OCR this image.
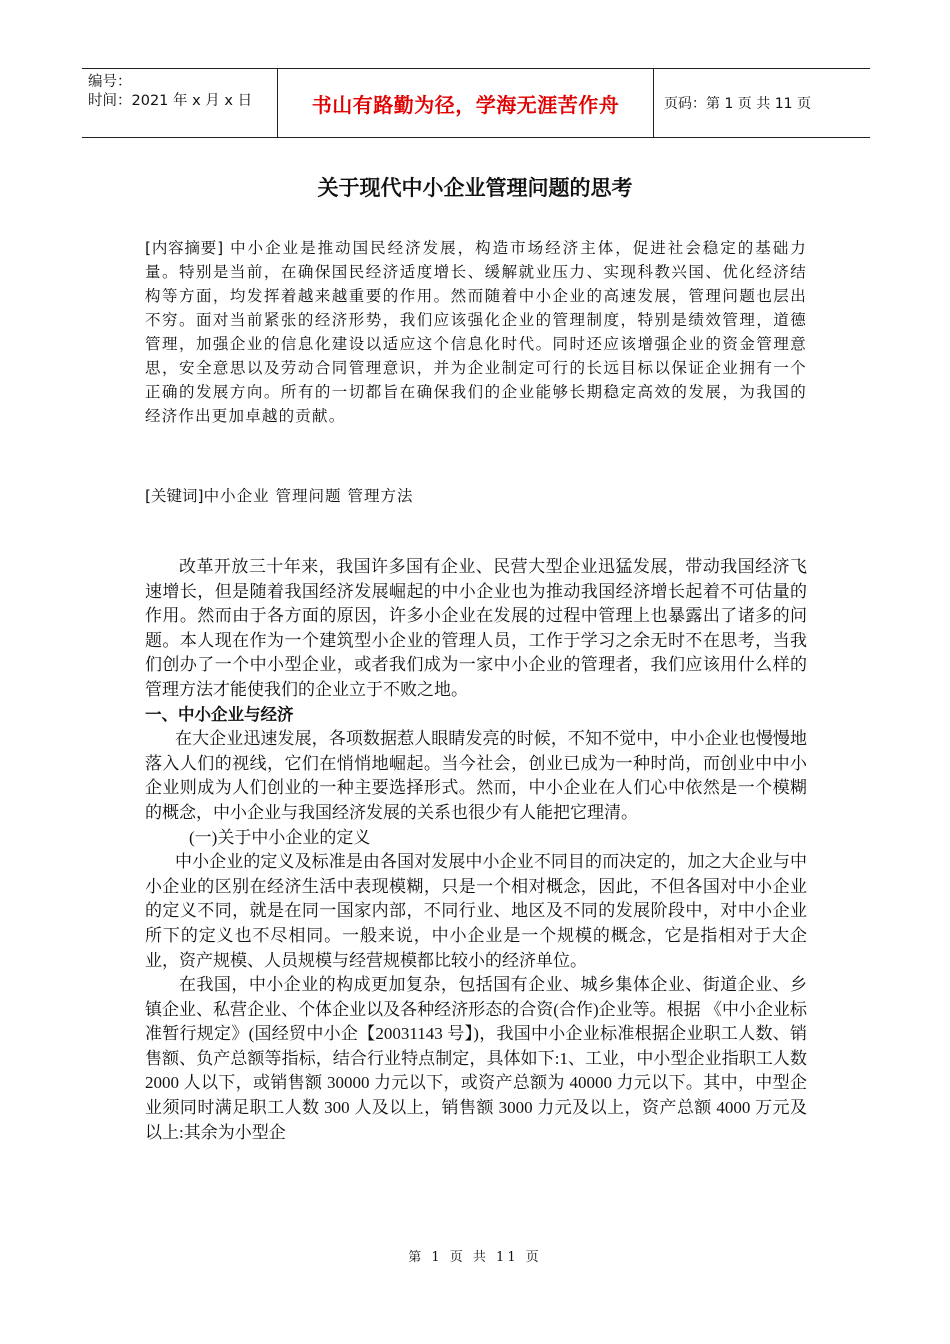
编号：
时间：2021 年 x 月 x 日	书山有路勤为径，学海无涯苦作舟	页码：第 1 页 共 11 页
关于现代中小企业管理问题的思考
[内容摘要] 中小企业是推动国民经济发展，构造市场经济主体，促进社会稳定的基础力量。特别是当前，在确保国民经济适度增长、缓解就业压力、实现科教兴国、优化经济结构等方面，均发挥着越来越重要的作用。然而随着中小企业的高速发展，管理问题也层出不穷。面对当前紧张的经济形势，我们应该强化企业的管理制度，特别是绩效管理，道德管理，加强企业的信息化建设以适应这个信息化时代。同时还应该增强企业的资金管理意思，安全意思以及劳动合同管理意识，并为企业制定可行的长远目标以保证企业拥有一个正确的发展方向。所有的一切都旨在确保我们的企业能够长期稳定高效的发展，为我国的经济作出更加卓越的贡献。
[关键词]中小企业 管理问题 管理方法

改革开放三十年来，我国许多国有企业、民营大型企业迅猛发展，带动我国经济飞速增长，但是随着我国经济发展崛起的中小企业也为推动我国经济增长起着不可估量的作用。然而由于各方面的原因，许多小企业在发展的过程中管理上也暴露出了诸多的问题。本人现在作为一个建筑型小企业的管理人员，工作于学习之余无时不在思考，当我们创办了一个中小型企业，或者我们成为一家中小企业的管理者，我们应该用什么样的管理方法才能使我们的企业立于不败之地。

一、中小企业与经济

在大企业迅速发展，各项数据惹人眼睛发亮的时候，不知不觉中，中小企业也慢慢地落入人们的视线，它们在悄悄地崛起。当今社会，创业已成为一种时尚，而创业中中小企业则成为人们创业的一种主要选择形式。然而，中小企业在人们心中依然是一个模糊的概念，中小企业与我国经济发展的关系也很少有人能把它理清。

(一)关于中小企业的定义

中小企业的定义及标准是由各国对发展中小企业不同目的而决定的，加之大企业与中小企业的区别在经济生活中表现模糊，只是一个相对概念，因此，不但各国对中小企业的定义不同，就是在同一国家内部，不同行业、地区及不同的发展阶段中，对中小企业所下的定义也不尽相同。一般来说，中小企业是一个规模的概念，它是指相对于大企业，资产规模、人员规模与经营规模都比较小的经济单位。

在我国，中小企业的构成更加复杂，包括国有企业、城乡集体企业、街道企业、乡镇企业、私营企业、个体企业以及各种经济形态的合资(合作)企业等。根据 《中小企业标准暂行规定》(国经贸中小企【20031143 号】)，我国中小企业标准根据企业职工人数、销售额、负产总额等指标，结合行业特点制定，具体如下:1、工业，中小型企业指职工人数 2000 人以下，或销售额 30000 力元以下，或资产总额为 40000 力元以下。其中，中型企业须同时满足职工人数 300 人及以上，销售额 3000 力元及以上，资产总额 4000 万元及以上:其余为小型企

第 1 页 共 11 页
